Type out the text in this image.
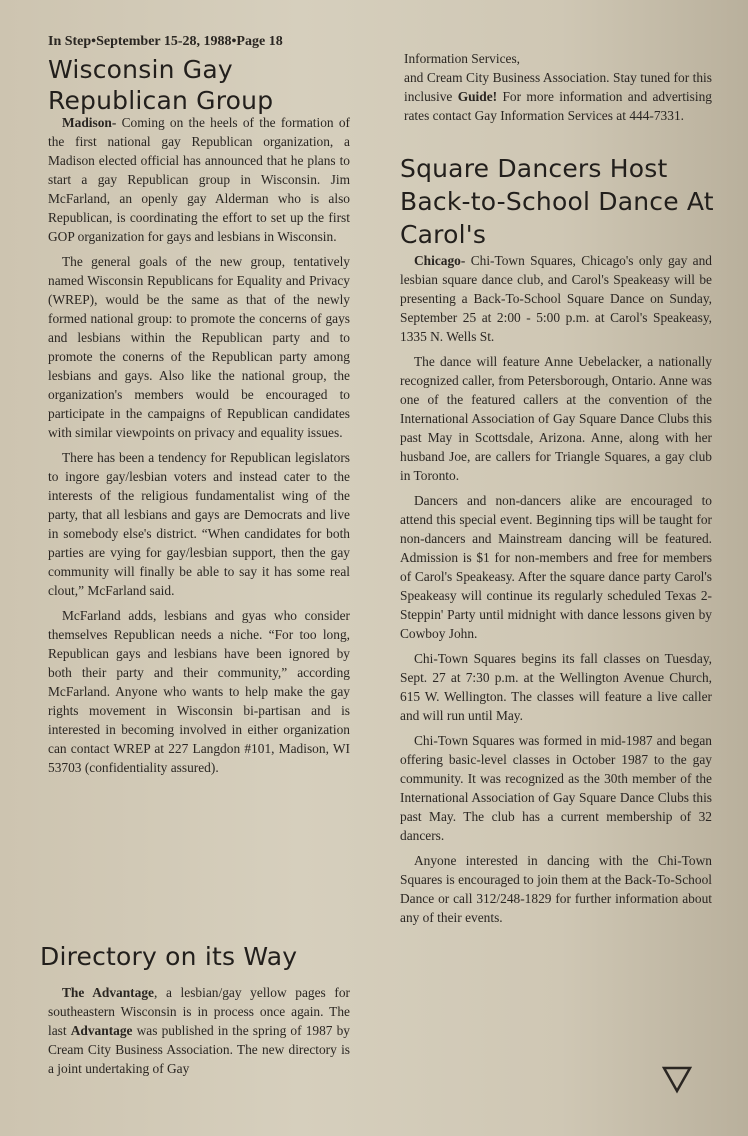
In Step•September 15-28, 1988•Page 18
Wisconsin Gay Republican Group

Madison- Coming on the heels of the formation of the first national gay Republican organization, a Madison elected official has announced that he plans to start a gay Republican group in Wisconsin. Jim McFarland, an openly gay Alderman who is also Republican, is coordinating the effort to set up the first GOP organization for gays and lesbians in Wisconsin.

The general goals of the new group, tentatively named Wisconsin Republicans for Equality and Privacy (WREP), would be the same as that of the newly formed national group: to promote the concerns of gays and lesbians within the Republican party and to promote the conerns of the Republican party among lesbians and gays. Also like the national group, the organization's members would be encouraged to participate in the campaigns of Republican candidates with similar viewpoints on privacy and equality issues.

There has been a tendency for Republican legislators to ingore gay/lesbian voters and instead cater to the interests of the religious fundamentalist wing of the party, that all lesbians and gays are Democrats and live in somebody else's district. “When candidates for both parties are vying for gay/lesbian support, then the gay community will finally be able to say it has some real clout,” McFarland said.

McFarland adds, lesbians and gyas who consider themselves Republican needs a niche. “For too long, Republican gays and lesbians have been ignored by both their party and their community,” according McFarland. Anyone who wants to help make the gay rights movement in Wisconsin bi-partisan and is interested in becoming involved in either organization can contact WREP at 227 Langdon #101, Madison, WI 53703 (confidentiality assured).

Directory on its Way

The Advantage, a lesbian/gay yellow pages for southeastern Wisconsin is in process once again. The last Advantage was published in the spring of 1987 by Cream City Business Association. The new directory is a joint undertaking of Gay

Information Services,

and Cream City Business Association. Stay tuned for this inclusive Guide! For more information and advertising rates contact Gay Information Services at 444-7331.

Square Dancers Host Back-to-School Dance At Carol's

Chicago- Chi-Town Squares, Chicago's only gay and lesbian square dance club, and Carol's Speakeasy will be presenting a Back-To-School Square Dance on Sunday, September 25 at 2:00 - 5:00 p.m. at Carol's Speakeasy, 1335 N. Wells St.

The dance will feature Anne Uebelacker, a nationally recognized caller, from Petersborough, Ontario. Anne was one of the featured callers at the convention of the International Association of Gay Square Dance Clubs this past May in Scottsdale, Arizona. Anne, along with her husband Joe, are callers for Triangle Squares, a gay club in Toronto.

Dancers and non-dancers alike are encouraged to attend this special event. Beginning tips will be taught for non-dancers and Mainstream dancing will be featured. Admission is $1 for non-members and free for members of Carol's Speakeasy. After the square dance party Carol's Speakeasy will continue its regularly scheduled Texas 2-Steppin' Party until midnight with dance lessons given by Cowboy John.

Chi-Town Squares begins its fall classes on Tuesday, Sept. 27 at 7:30 p.m. at the Wellington Avenue Church, 615 W. Wellington. The classes will feature a live caller and will run until May.

Chi-Town Squares was formed in mid-1987 and began offering basic-level classes in October 1987 to the gay community. It was recognized as the 30th member of the International Association of Gay Square Dance Clubs this past May. The club has a current membership of 32 dancers.

Anyone interested in dancing with the Chi-Town Squares is encouraged to join them at the Back-To-School Dance or call 312/248-1829 for further information about any of their events.
